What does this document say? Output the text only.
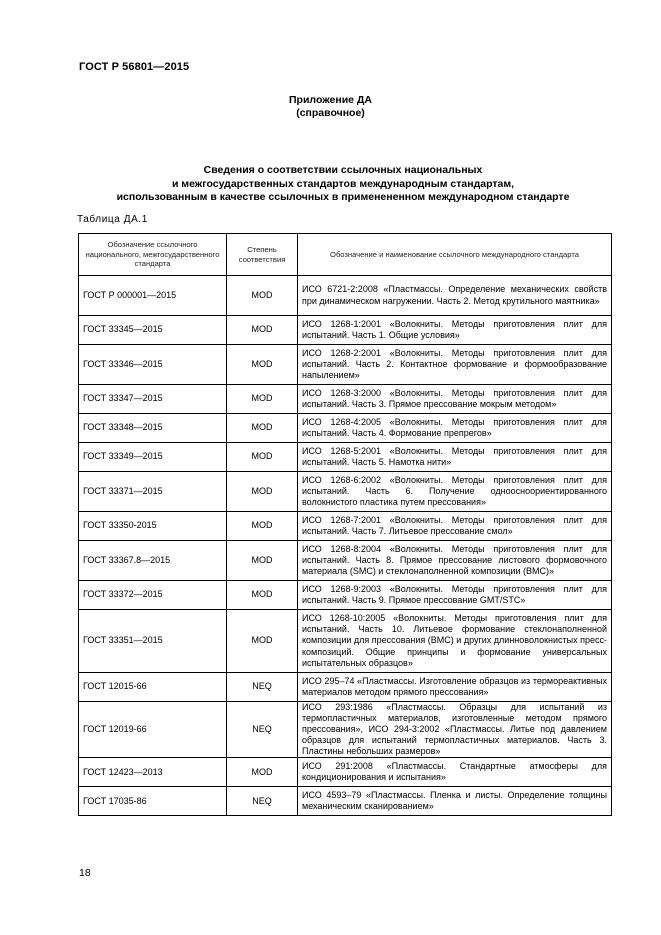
ГОСТ Р 56801—2015
Приложение ДА
(справочное)
Сведения о соответствии ссылочных национальных
и межгосударственных стандартов международным стандартам,
использованным в качестве ссылочных в применененном международном стандарте
Таблица ДА.1
Обозначение ссылочного национального, межгосударственного стандарта	Степень соответствия	Обозначение и наименование ссылочного международного стандарта
ГОСТ Р 000001—2015	MOD	ИСО 6721-2:2008 «Пластмассы. Определение механических свойств при динамическом нагружении. Часть 2. Метод крутильного маятника»
ГОСТ 33345—2015	MOD	ИСО 1268-1:2001 «Волокниты. Методы приготовления плит для испытаний. Часть 1. Общие условия»
ГОСТ 33346—2015	MOD	ИСО 1268-2:2001 «Волокниты. Методы приготовления плит для испытаний. Часть 2. Контактное формование и формообразование напылением»
ГОСТ 33347—2015	MOD	ИСО 1268-3:2000 «Волокниты. Методы приготовления плит для испытаний. Часть 3. Прямое прессование мокрым методом»
ГОСТ 33348—2015	MOD	ИСО 1268-4:2005 «Волокниты. Методы приготовления плит для испытаний. Часть 4. Формование препрегов»
ГОСТ 33349—2015	MOD	ИСО 1268-5:2001 «Волокниты. Методы приготовления плит для испытаний. Часть 5. Намотка нити»
ГОСТ 33371—2015	MOD	ИСО 1268-6:2002 «Волокниты. Методы приготовления плит для испытаний. Часть 6. Получение одноосноориентированного волокнистого пластика путем прессования»
ГОСТ 33350-2015	MOD	ИСО 1268-7:2001 «Волокниты. Методы приготовления плит для испытаний. Часть 7. Литьевое прессование смол»
ГОСТ 33367.8—2015	MOD	ИСО 1268-8:2004 «Волокниты. Методы приготовления плит для испытаний. Часть 8. Прямое прессование листового формовочного материала (SMC) и стеклонаполненной композиции (BMC)»
ГОСТ 33372—2015	MOD	ИСО 1268-9:2003 «Волокниты. Методы приготовления плит для испытаний. Часть 9. Прямое прессование GMT/STC»
ГОСТ 33351—2015	MOD	ИСО 1268-10:2005 «Волокниты. Методы приготовления плит для испытаний. Часть 10. Литьевое формование стеклонаполненной композиции для прессования (BMC) и других длинноволокнистых пресс-композиций. Общие принципы и формование универсальных испытательных образцов»
ГОСТ 12015-66	NEQ	ИСО 295–74 «Пластмассы. Изготовление образцов из термореактивных материалов методом прямого прессования»
ГОСТ 12019-66	NEQ	ИСО 293:1986 «Пластмассы. Образцы для испытаний из термопластичных материалов, изготовленные методом прямого прессования», ИСО 294-3:2002 «Пластмассы. Литье под давлением образцов для испытаний термопластичных материалов. Часть 3. Пластины небольших размеров»
ГОСТ 12423—2013	MOD	ИСО 291:2008 «Пластмассы. Стандартные атмосферы для кондиционирования и испытания»
ГОСТ 17035-86	NEQ	ИСО 4593–79 «Пластмассы. Пленка и листы. Определение толщины механическим сканированием»
18
